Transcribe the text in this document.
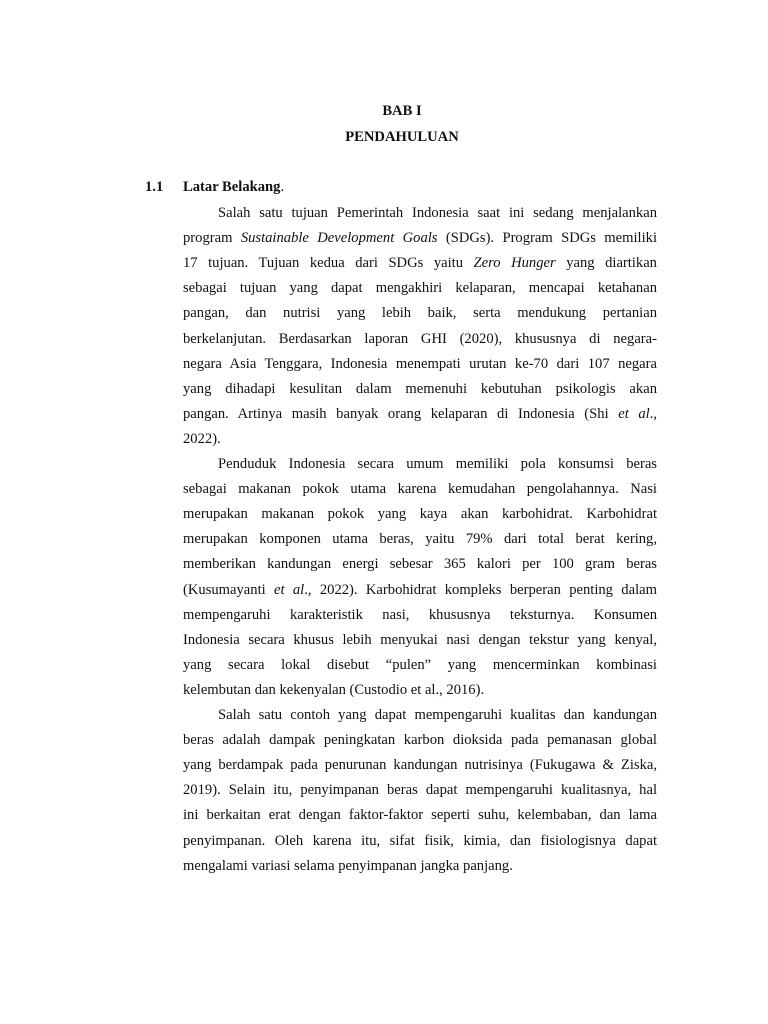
BAB I
PENDAHULUAN
1.1 Latar Belakang.
Salah satu tujuan Pemerintah Indonesia saat ini sedang menjalankan
program Sustainable Development Goals (SDGs). Program SDGs memiliki
17 tujuan. Tujuan kedua dari SDGs yaitu Zero Hunger yang diartikan
sebagai tujuan yang dapat mengakhiri kelaparan, mencapai ketahanan
pangan, dan nutrisi yang lebih baik, serta mendukung pertanian
berkelanjutan. Berdasarkan laporan GHI (2020), khususnya di negara-
negara Asia Tenggara, Indonesia menempati urutan ke-70 dari 107 negara
yang dihadapi kesulitan dalam memenuhi kebutuhan psikologis akan
pangan. Artinya masih banyak orang kelaparan di Indonesia (Shi et al.,
2022).
Penduduk Indonesia secara umum memiliki pola konsumsi beras
sebagai makanan pokok utama karena kemudahan pengolahannya. Nasi
merupakan makanan pokok yang kaya akan karbohidrat. Karbohidrat
merupakan komponen utama beras, yaitu 79% dari total berat kering,
memberikan kandungan energi sebesar 365 kalori per 100 gram beras
(Kusumayanti et al., 2022). Karbohidrat kompleks berperan penting dalam
mempengaruhi karakteristik nasi, khususnya teksturnya. Konsumen
Indonesia secara khusus lebih menyukai nasi dengan tekstur yang kenyal,
yang secara lokal disebut “pulen” yang mencerminkan kombinasi
kelembutan dan kekenyalan (Custodio et al., 2016).
Salah satu contoh yang dapat mempengaruhi kualitas dan kandungan
beras adalah dampak peningkatan karbon dioksida pada pemanasan global
yang berdampak pada penurunan kandungan nutrisinya (Fukugawa & Ziska,
2019). Selain itu, penyimpanan beras dapat mempengaruhi kualitasnya, hal
ini berkaitan erat dengan faktor-faktor seperti suhu, kelembaban, dan lama
penyimpanan. Oleh karena itu, sifat fisik, kimia, dan fisiologisnya dapat
mengalami variasi selama penyimpanan jangka panjang.
